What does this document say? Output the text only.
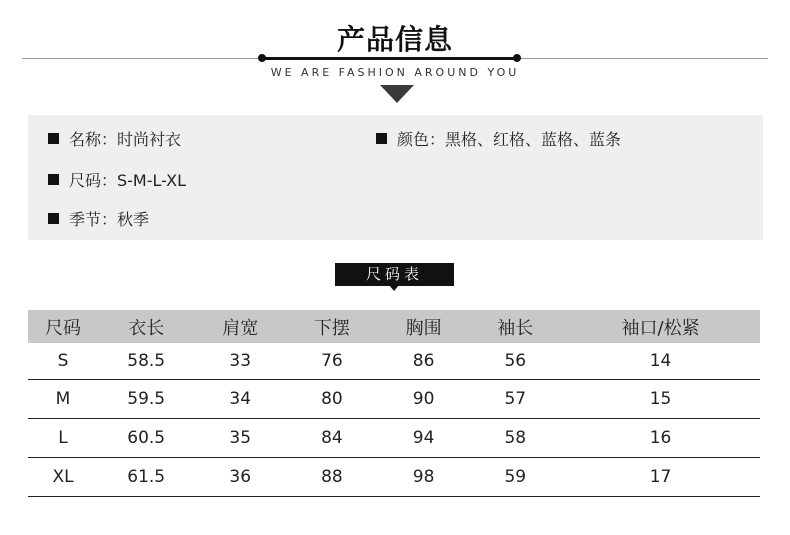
产品信息
WE ARE FASHION AROUND YOU
名称：时尚衬衣	颜色：黑格、红格、蓝格、蓝条
尺码：S-M-L-XL
季节：秋季
尺码表
尺码	衣长	肩宽	下摆	胸围	袖长	袖口/松紧
S	58.5	33	76	86	56	14
M	59.5	34	80	90	57	15
L	60.5	35	84	94	58	16
XL	61.5	36	88	98	59	17
